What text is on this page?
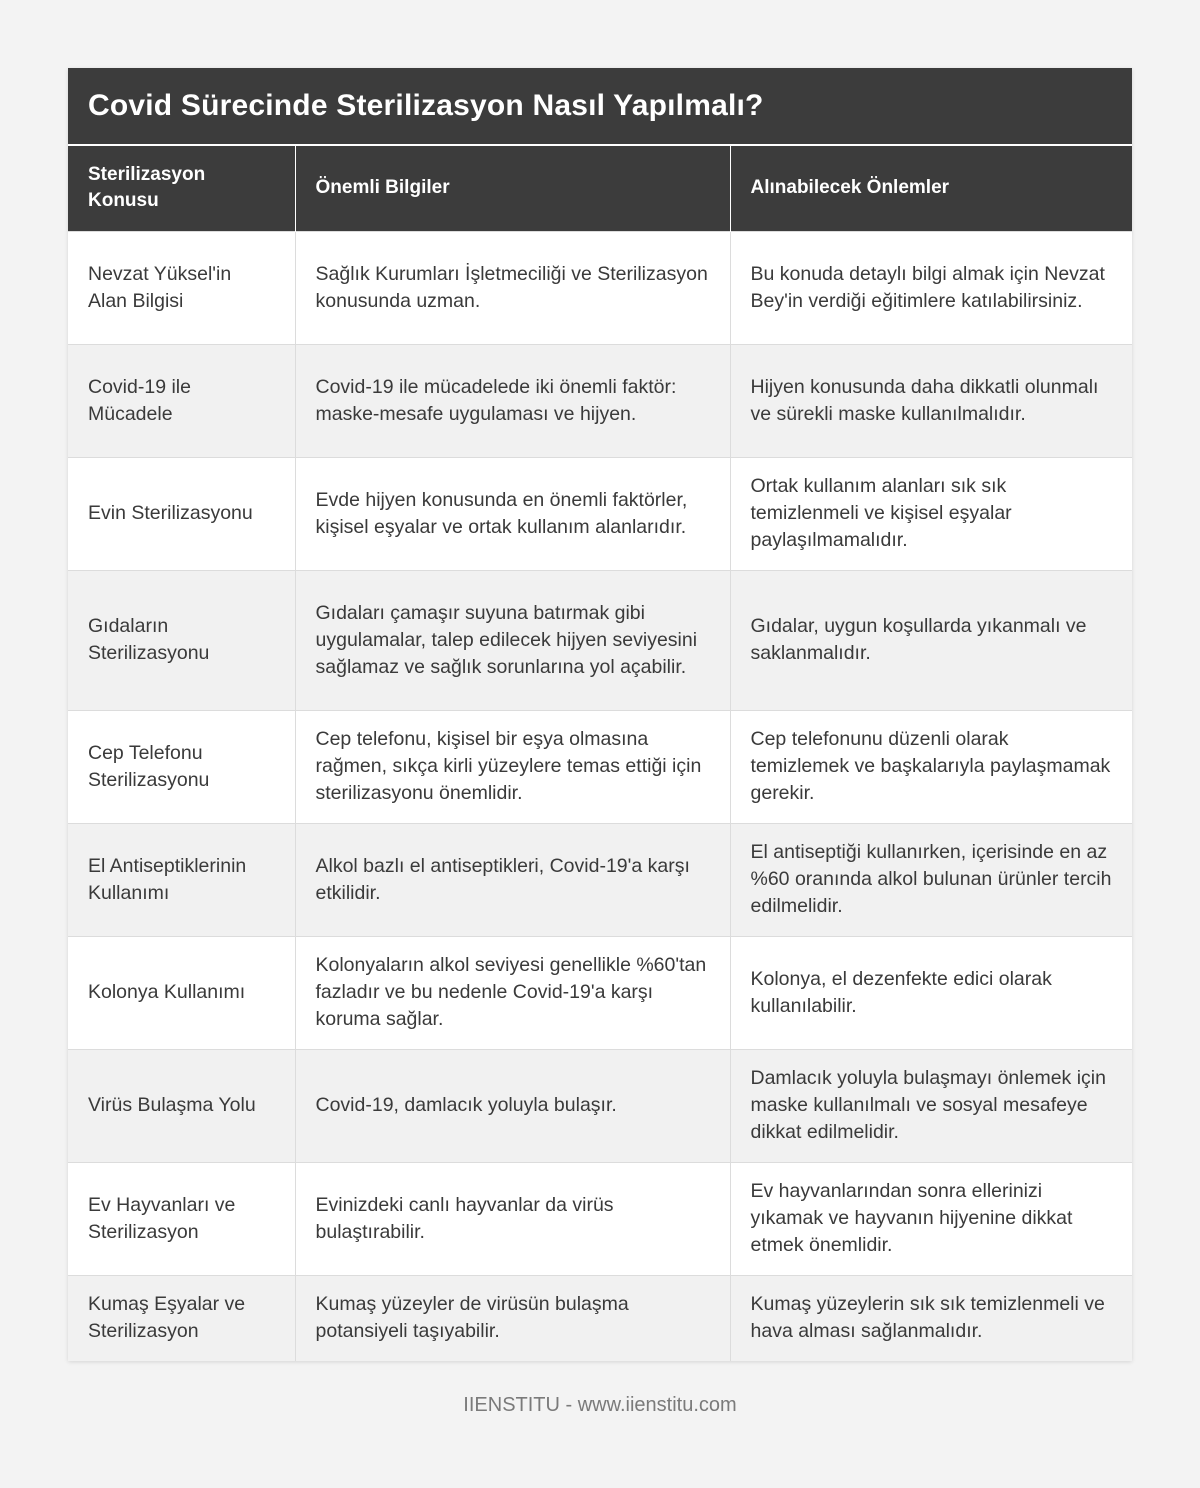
Covid Sürecinde Sterilizasyon Nasıl Yapılmalı?
Sterilizasyon Konusu	Önemli Bilgiler	Alınabilecek Önlemler
Nevzat Yüksel'in Alan Bilgisi	Sağlık Kurumları İşletmeciliği ve Sterilizasyon konusunda uzman.	Bu konuda detaylı bilgi almak için Nevzat Bey'in verdiği eğitimlere katılabilirsiniz.
Covid-19 ile Mücadele	Covid-19 ile mücadelede iki önemli faktör: maske-mesafe uygulaması ve hijyen.	Hijyen konusunda daha dikkatli olunmalı ve sürekli maske kullanılmalıdır.
Evin Sterilizasyonu	Evde hijyen konusunda en önemli faktörler, kişisel eşyalar ve ortak kullanım alanlarıdır.	Ortak kullanım alanları sık sık temizlenmeli ve kişisel eşyalar paylaşılmamalıdır.
Gıdaların Sterilizasyonu	Gıdaları çamaşır suyuna batırmak gibi uygulamalar, talep edilecek hijyen seviyesini sağlamaz ve sağlık sorunlarına yol açabilir.	Gıdalar, uygun koşullarda yıkanmalı ve saklanmalıdır.
Cep Telefonu Sterilizasyonu	Cep telefonu, kişisel bir eşya olmasına rağmen, sıkça kirli yüzeylere temas ettiği için sterilizasyonu önemlidir.	Cep telefonunu düzenli olarak temizlemek ve başkalarıyla paylaşmamak gerekir.
El Antiseptiklerinin Kullanımı	Alkol bazlı el antiseptikleri, Covid-19'a karşı etkilidir.	El antiseptiği kullanırken, içerisinde en az %60 oranında alkol bulunan ürünler tercih edilmelidir.
Kolonya Kullanımı	Kolonyaların alkol seviyesi genellikle %60'tan fazladır ve bu nedenle Covid-19'a karşı koruma sağlar.	Kolonya, el dezenfekte edici olarak kullanılabilir.
Virüs Bulaşma Yolu	Covid-19, damlacık yoluyla bulaşır.	Damlacık yoluyla bulaşmayı önlemek için maske kullanılmalı ve sosyal mesafeye dikkat edilmelidir.
Ev Hayvanları ve Sterilizasyon	Evinizdeki canlı hayvanlar da virüs bulaştırabilir.	Ev hayvanlarından sonra ellerinizi yıkamak ve hayvanın hijyenine dikkat etmek önemlidir.
Kumaş Eşyalar ve Sterilizasyon	Kumaş yüzeyler de virüsün bulaşma potansiyeli taşıyabilir.	Kumaş yüzeylerin sık sık temizlenmeli ve hava alması sağlanmalıdır.
IIENSTITU - www.iienstitu.com
